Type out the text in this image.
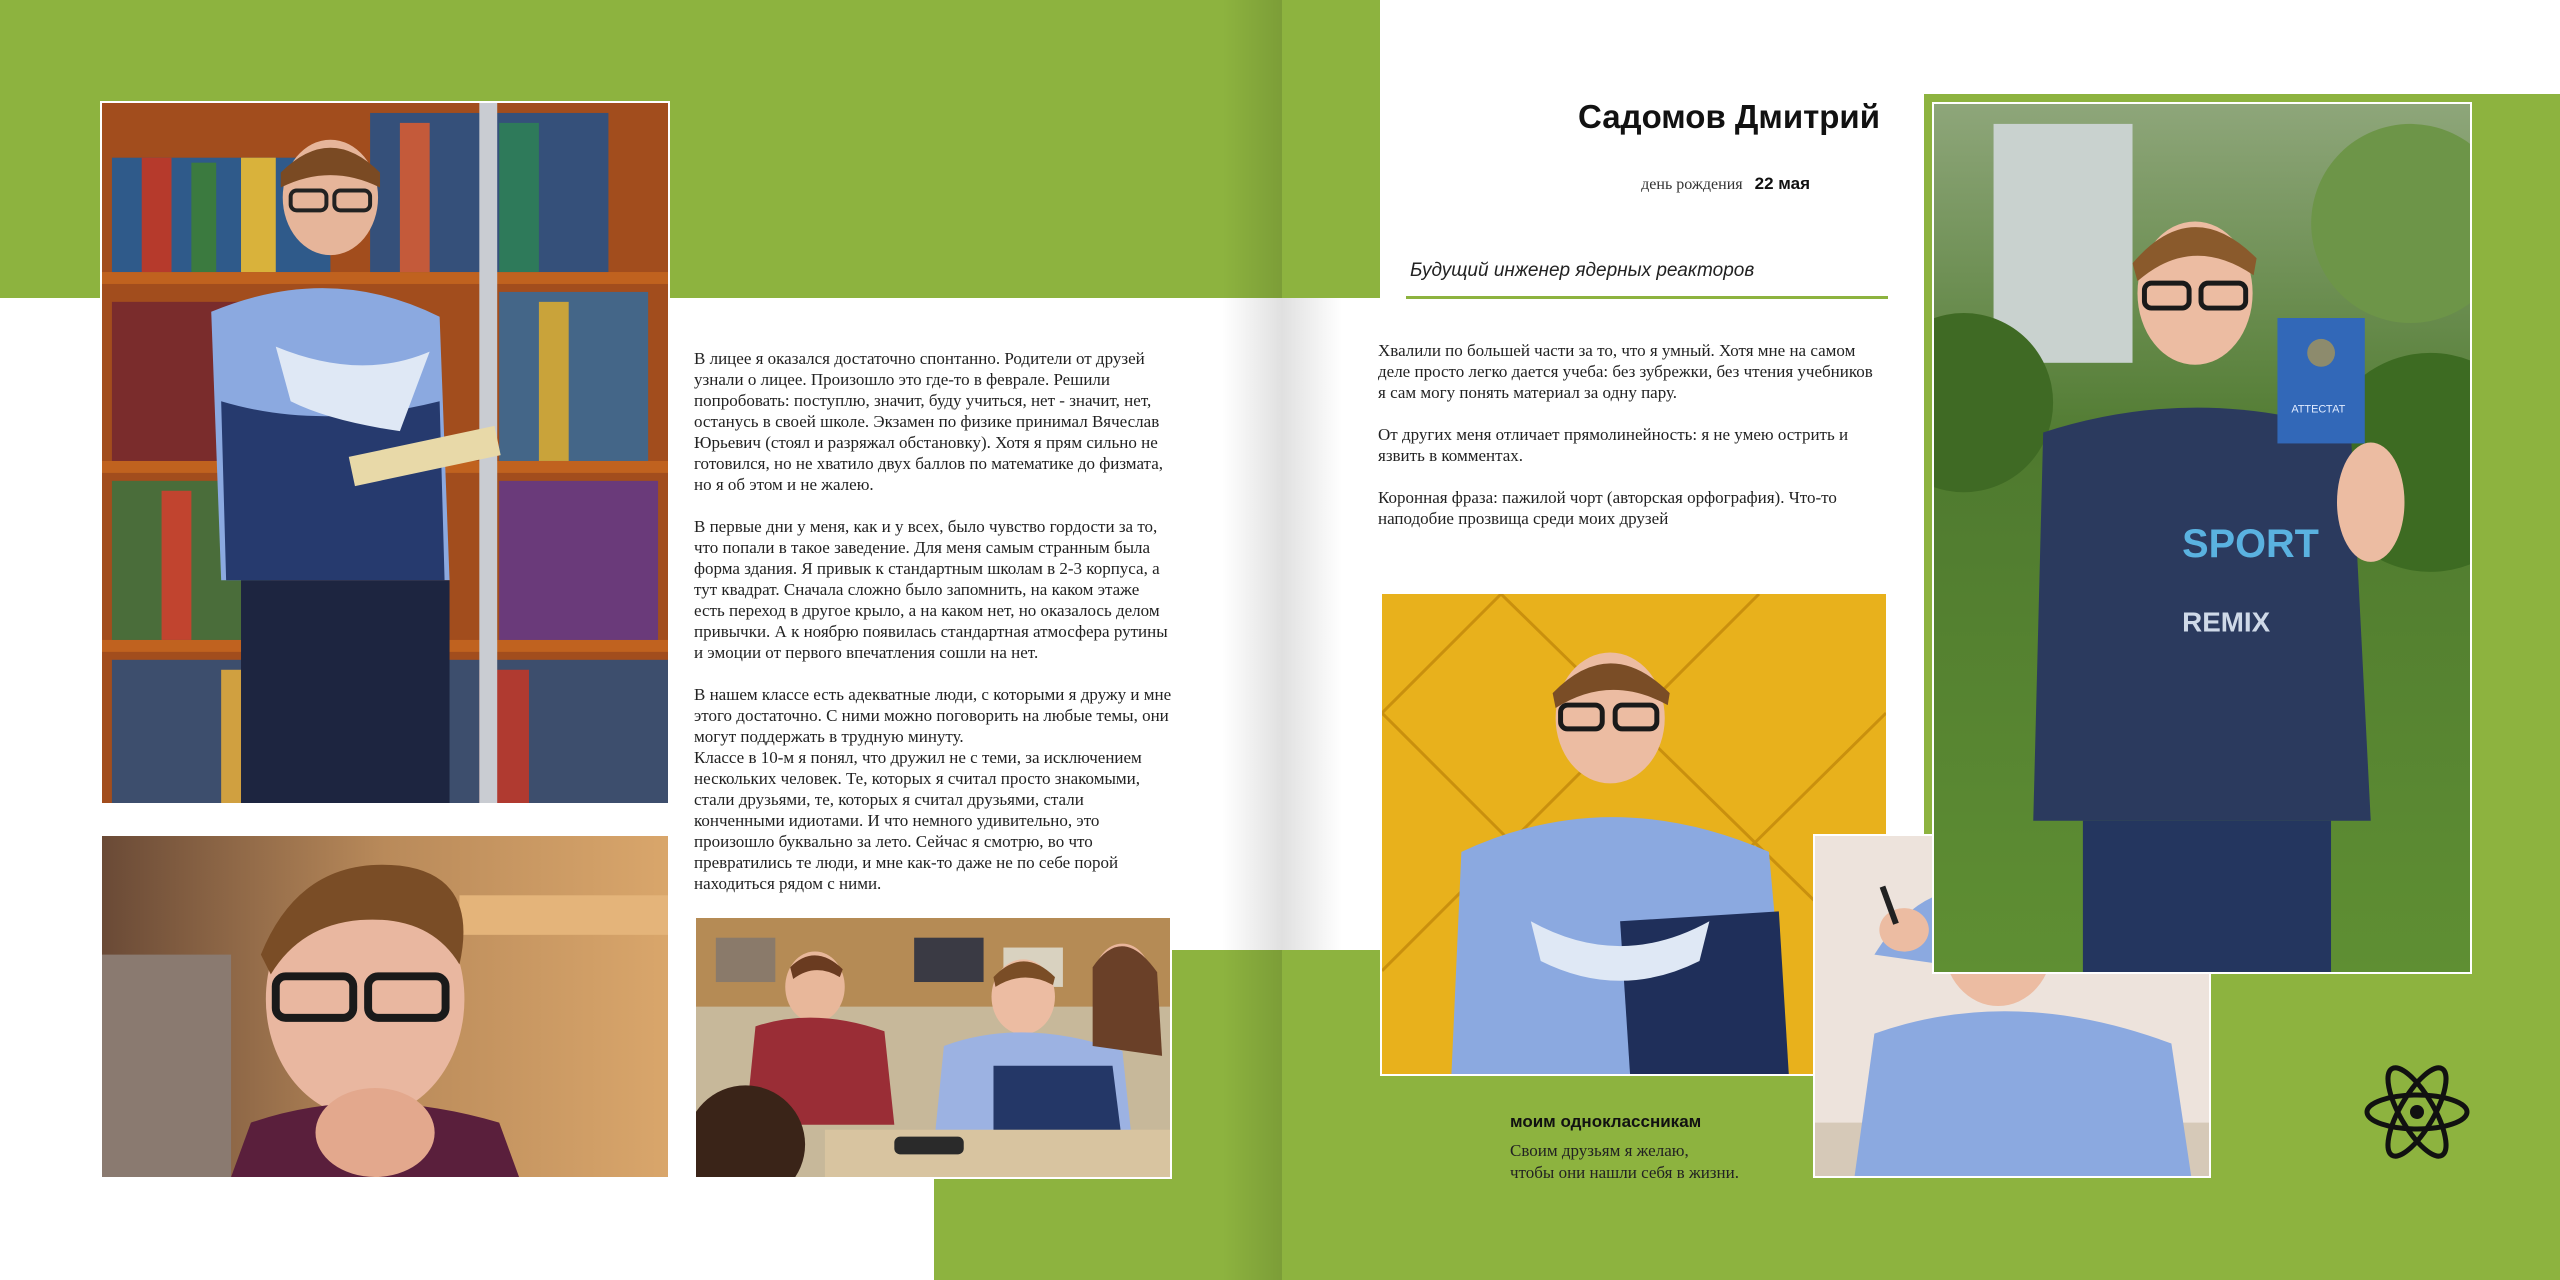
В лицее я оказался достаточно спонтанно. Родители от друзей узнали о лицее. Произошло это где-то в феврале. Решили попробовать: поступлю, значит, буду учиться, нет - значит, нет, останусь в своей школе. Экзамен по физике принимал Вячеслав Юрьевич (стоял и разряжал обстановку). Хотя я прям сильно не готовился, но не хватило двух баллов по математике до физмата, но я об этом и не жалею.

В первые дни у меня, как и у всех, было чувство гордости за то, что попали в такое заведение. Для меня самым странным была форма здания. Я привык к стандартным школам в 2-3 корпуса, а тут квадрат. Сначала сложно было запомнить, на каком этаже есть переход в другое крыло, а на каком нет, но оказалось делом привычки. А к ноябрю появилась стандартная атмосфера рутины и эмоции от первого впечатления сошли на нет.

В нашем классе есть адекватные люди, с которыми я дружу и мне этого достаточно. С ними можно поговорить на любые темы, они могут поддержать в трудную минуту.
Классе в 10-м я понял, что дружил не с теми, за исключением нескольких человек. Те, которых я считал просто знакомыми, стали друзьями, те, которых я считал друзьями, стали конченными идиотами. И что немного удивительно, это произошло буквально за лето. Сейчас я смотрю, во что превратились те люди, и мне как-то даже не по себе порой находиться рядом с ними.

Садомов Дмитрий
день рождения 22 мая
Будущий инженер ядерных реакторов

Хвалили по большей части за то, что я умный. Хотя мне на самом деле просто легко дается учеба: без зубрежки, без чтения учебников я сам могу понять материал за одну пару.

От других меня отличает прямолинейность: я не умею острить и язвить в комментах.

Коронная фраза: пажилой чорт (авторская орфография). Что-то наподобие прозвища среди моих друзей

SPORT
REMIX
АТТЕСТАТ
моим одноклассникам
Своим друзьям я желаю,
чтобы они нашли себя в жизни.
